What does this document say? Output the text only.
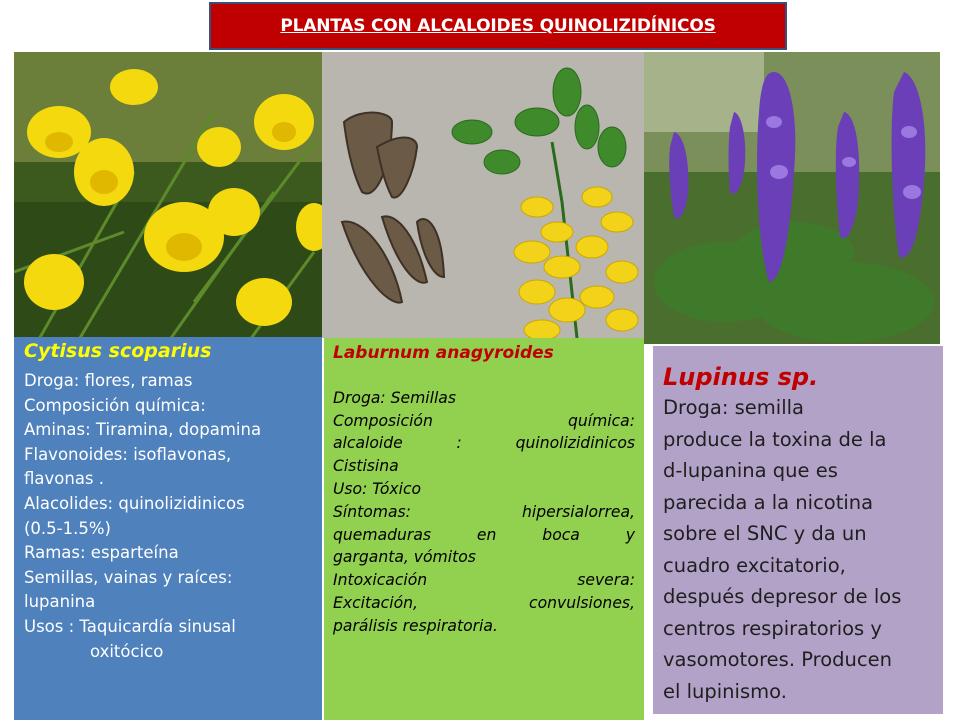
PLANTAS CON ALCALOIDES QUINOLIZIDÍNICOS
Cytisus scoparius
Droga: flores, ramas
Composición química:
Aminas: Tiramina, dopamina
Flavonoides: isoflavonas,
flavonas .
Alacolides: quinolizidinicos
(0.5-1.5%)
Ramas: esparteína
Semillas, vainas y raíces:
lupanina
Usos : Taquicardía sinusal
oxitócico
Laburnum anagyroides
Droga: Semillas
Composición química:
alcaloide : quinolizidinicos
Cistisina
Uso: Tóxico
Síntomas: hipersialorrea,
quemaduras en boca y
garganta, vómitos
Intoxicación severa:
Excitación, convulsiones,
parálisis respiratoria.
Lupinus sp.
Droga: semilla
produce la toxina de la
d-lupanina que es
parecida a la nicotina
sobre el SNC y da un
cuadro excitatorio,
después depresor de los
centros respiratorios y
vasomotores. Producen
el lupinismo.
